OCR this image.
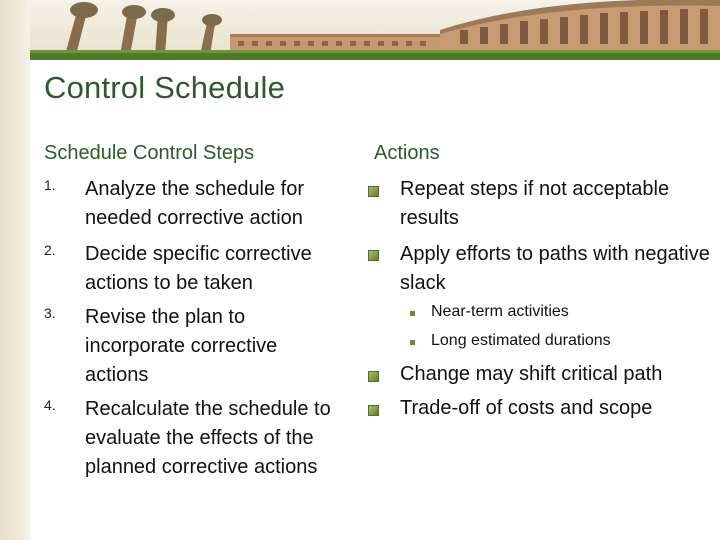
Control Schedule
Schedule Control Steps	Actions
1. Analyze the schedule for needed corrective action
2. Decide specific corrective actions to be taken
3. Revise the plan to incorporate corrective actions
4. Recalculate the schedule to evaluate the effects of the planned corrective actions
Repeat steps if not acceptable results
Apply efforts to paths with negative slack
Near-term activities
Long estimated durations
Change may shift critical path
Trade-off of costs and scope
